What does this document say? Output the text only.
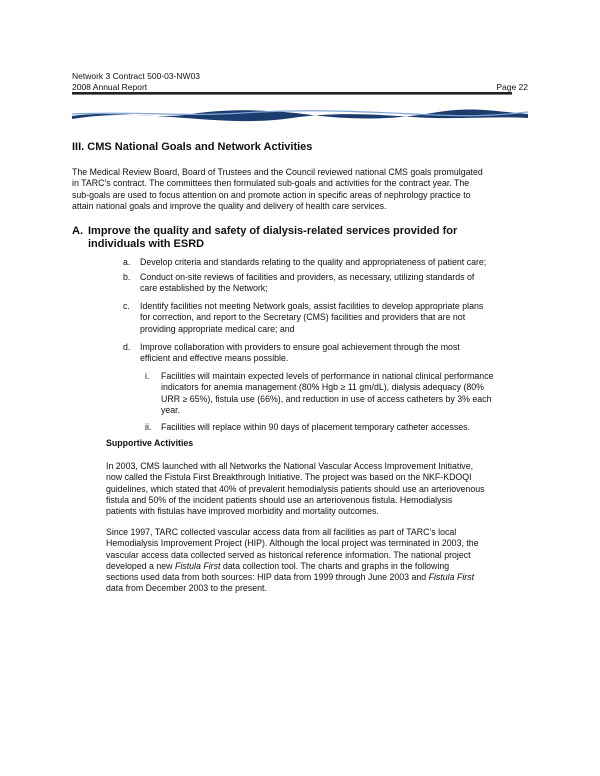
Network 3 Contract 500-03-NW03
2008 Annual Report	Page 22
III. CMS National Goals and Network Activities
The Medical Review Board, Board of Trustees and the Council reviewed national CMS goals promulgated
in TARC’s contract. The committees then formulated sub-goals and activities for the contract year. The
sub-goals are used to focus attention on and promote action in specific areas of nephrology practice to
attain national goals and improve the quality and delivery of health care services.
A. Improve the quality and safety of dialysis-related services provided for
individuals with ESRD
a. Develop criteria and standards relating to the quality and appropriateness of patient care;
b. Conduct on-site reviews of facilities and providers, as necessary, utilizing standards of
care established by the Network;
c. Identify facilities not meeting Network goals, assist facilities to develop appropriate plans
for correction, and report to the Secretary (CMS) facilities and providers that are not
providing appropriate medical care; and
d. Improve collaboration with providers to ensure goal achievement through the most
efficient and effective means possible.
i. Facilities will maintain expected levels of performance in national clinical performance
indicators for anemia management (80% Hgb ≥ 11 gm/dL), dialysis adequacy (80%
URR ≥ 65%), fistula use (66%), and reduction in use of access catheters by 3% each
year.
ii. Facilities will replace within 90 days of placement temporary catheter accesses.
Supportive Activities
In 2003, CMS launched with all Networks the National Vascular Access Improvement Initiative,
now called the Fistula First Breakthrough Initiative. The project was based on the NKF-KDOQI
guidelines, which stated that 40% of prevalent hemodialysis patients should use an arteriovenous
fistula and 50% of the incident patients should use an arteriovenous fistula. Hemodialysis
patients with fistulas have improved morbidity and mortality outcomes.
Since 1997, TARC collected vascular access data from all facilities as part of TARC’s local
Hemodialysis Improvement Project (HIP). Although the local project was terminated in 2003, the
vascular access data collected served as historical reference information. The national project
developed a new Fistula First data collection tool. The charts and graphs in the following
sections used data from both sources: HIP data from 1999 through June 2003 and Fistula First
data from December 2003 to the present.
